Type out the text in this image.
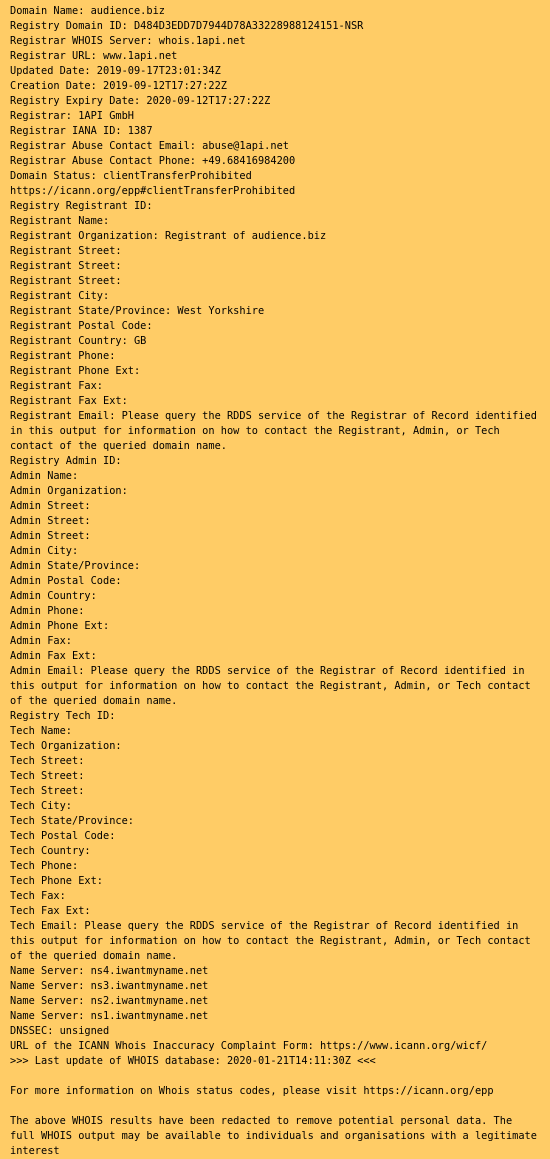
Domain Name: audience.biz
Registry Domain ID: D484D3EDD7D7944D78A33228988124151-NSR
Registrar WHOIS Server: whois.1api.net
Registrar URL: www.1api.net
Updated Date: 2019-09-17T23:01:34Z
Creation Date: 2019-09-12T17:27:22Z
Registry Expiry Date: 2020-09-12T17:27:22Z
Registrar: 1API GmbH
Registrar IANA ID: 1387
Registrar Abuse Contact Email: abuse@1api.net
Registrar Abuse Contact Phone: +49.68416984200
Domain Status: clientTransferProhibited https://icann.org/epp#clientTransferProhibited
Registry Registrant ID:
Registrant Name:
Registrant Organization: Registrant of audience.biz
Registrant Street:
Registrant Street:
Registrant Street:
Registrant City:
Registrant State/Province: West Yorkshire
Registrant Postal Code:
Registrant Country: GB
Registrant Phone:
Registrant Phone Ext:
Registrant Fax:
Registrant Fax Ext:
Registrant Email: Please query the RDDS service of the Registrar of Record identified in this output for information on how to contact the Registrant, Admin, or Tech contact of the queried domain name.
Registry Admin ID:
Admin Name:
Admin Organization:
Admin Street:
Admin Street:
Admin Street:
Admin City:
Admin State/Province:
Admin Postal Code:
Admin Country:
Admin Phone:
Admin Phone Ext:
Admin Fax:
Admin Fax Ext:
Admin Email: Please query the RDDS service of the Registrar of Record identified in this output for information on how to contact the Registrant, Admin, or Tech contact of the queried domain name.
Registry Tech ID:
Tech Name:
Tech Organization:
Tech Street:
Tech Street:
Tech Street:
Tech City:
Tech State/Province:
Tech Postal Code:
Tech Country:
Tech Phone:
Tech Phone Ext:
Tech Fax:
Tech Fax Ext:
Tech Email: Please query the RDDS service of the Registrar of Record identified in this output for information on how to contact the Registrant, Admin, or Tech contact of the queried domain name.
Name Server: ns4.iwantmyname.net
Name Server: ns3.iwantmyname.net
Name Server: ns2.iwantmyname.net
Name Server: ns1.iwantmyname.net
DNSSEC: unsigned
URL of the ICANN Whois Inaccuracy Complaint Form: https://www.icann.org/wicf/
>>> Last update of WHOIS database: 2020-01-21T14:11:30Z <<<
For more information on Whois status codes, please visit https://icann.org/epp
The above WHOIS results have been redacted to remove potential personal data. The full WHOIS output may be available to individuals and organisations with a legitimate interest
